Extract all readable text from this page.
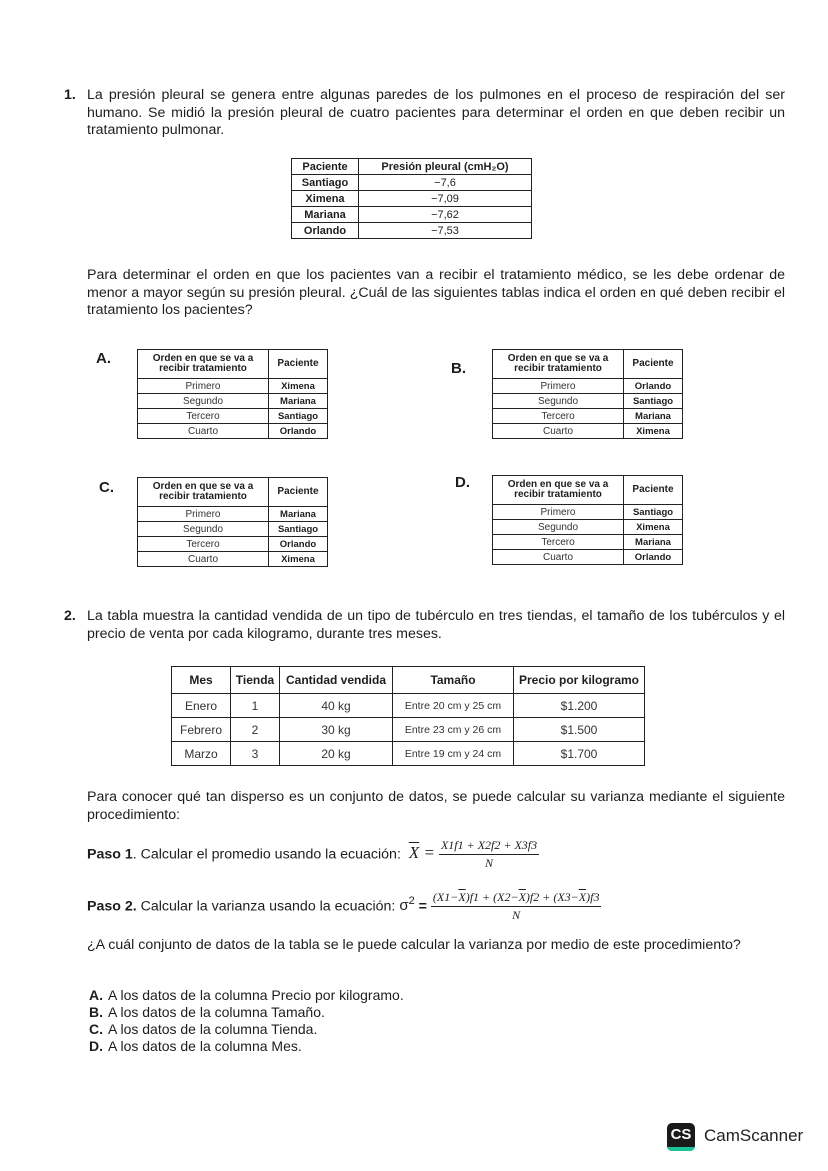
1. La presión pleural se genera entre algunas paredes de los pulmones en el proceso de respiración del ser humano. Se midió la presión pleural de cuatro pacientes para determinar el orden en que deben recibir un tratamiento pulmonar.
Paciente	Presión pleural (cmH₂O)
Santiago	−7,6
Ximena	−7,09
Mariana	−7,62
Orlando	−7,53
Para determinar el orden en que los pacientes van a recibir el tratamiento médico, se les debe ordenar de menor a mayor según su presión pleural. ¿Cuál de las siguientes tablas indica el orden en qué deben recibir el tratamiento los pacientes?
A.	Orden en que se va a recibir tratamiento	Paciente
Primero	Ximena
Segundo	Mariana
Tercero	Santiago
Cuarto	Orlando
B.
Orden en que se va a recibir tratamiento	Paciente
Primero	Orlando
Segundo	Santiago
Tercero	Mariana
Cuarto	Ximena
C.	Orden en que se va a recibir tratamiento	Paciente
Primero	Mariana
Segundo	Santiago
Tercero	Orlando
Cuarto	Ximena
D.	Orden en que se va a recibir tratamiento	Paciente
Primero	Santiago
Segundo	Ximena
Tercero	Mariana
Cuarto	Orlando
2. La tabla muestra la cantidad vendida de un tipo de tubérculo en tres tiendas, el tamaño de los tubérculos y el precio de venta por cada kilogramo, durante tres meses.
Mes	Tienda	Cantidad vendida	Tamaño	Precio por kilogramo
Enero	1	40 kg	Entre 20 cm y 25 cm	$1.200
Febrero	2	30 kg	Entre 23 cm y 26 cm	$1.500
Marzo	3	20 kg	Entre 19 cm y 24 cm	$1.700
Para conocer qué tan disperso es un conjunto de datos, se puede calcular su varianza mediante el siguiente procedimiento:
Paso 1. Calcular el promedio usando la ecuación: $\overline{X} = \frac{X1f1 + X2f2 + X3f3}{N}$
Paso 2. Calcular la varianza usando la ecuación: $\sigma^2 = \frac{(X1-\overline{X})f1 + (X2-\overline{X})f2 + (X3-\overline{X})f3}{N}$
¿A cuál conjunto de datos de la tabla se le puede calcular la varianza por medio de este procedimiento?
A. A los datos de la columna Precio por kilogramo.
B. A los datos de la columna Tamaño.
C. A los datos de la columna Tienda.
D. A los datos de la columna Mes.
CS CamScanner
